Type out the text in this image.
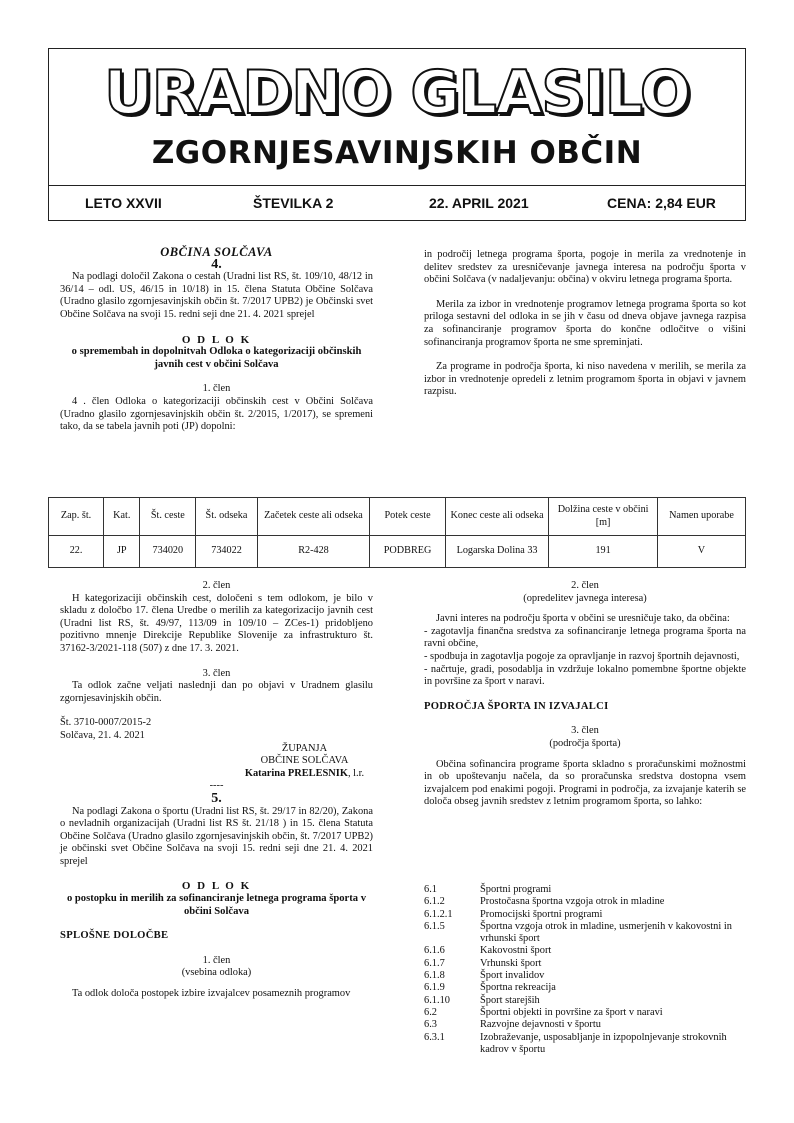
URADNO GLASILO
ZGORNJESAVINJSKIH OBČIN
LETO XXVII	ŠTEVILKA 2	22. APRIL 2021	CENA: 2,84 EUR

OBČINA SOLČAVA

4.

Na podlagi določil Zakona o cestah (Uradni list RS, št. 109/10, 48/12 in 36/14 – odl. US, 46/15 in 10/18) in 15. člena Statuta Občine Solčava (Uradno glasilo zgornjesavinjskih občin št. 7/2017 UPB2) je Občinski svet Občine Solčava na svoji 15. redni seji dne 21. 4. 2021 sprejel

O D L O K

o spremembah in dopolnitvah Odloka o kategorizaciji občinskih javnih cest v občini Solčava

1. člen

4 . člen Odloka o kategorizaciji občinskih cest v Občini Solčava (Uradno glasilo zgornjesavinjskih občin št. 2/2015, 1/2017), se spremeni tako, da se tabela javnih poti (JP) dopolni:

in področij letnega programa športa, pogoje in merila za vrednotenje in delitev sredstev za uresničevanje javnega interesa na področju športa v občini Solčava (v nadaljevanju: občina) v okviru letnega programa športa.

Merila za izbor in vrednotenje programov letnega programa športa so kot priloga sestavni del odloka in se jih v času od dneva objave javnega razpisa za sofinanciranje programov športa do končne odločitve o višini sofinanciranja programov športa ne sme spreminjati.

Za programe in področja športa, ki niso navedena v merilih, se merila za izbor in vrednotenje opredeli z letnim programom športa in objavi v javnem razpisu.

Zap. št.	Kat.	Št. ceste	Št. odseka	Začetek ceste ali odseka	Potek ceste	Konec ceste ali odseka	Dolžina ceste v občini [m]	Namen uporabe
22.	JP	734020	734022	R2-428	PODBREG	Logarska Dolina 33	191	V

2. člen

H kategorizaciji občinskih cest, določeni s tem odlokom, je bilo v skladu z določbo 17. člena Uredbe o merilih za kategorizacijo javnih cest (Uradni list RS, št. 49/97, 113/09 in 109/10 – ZCes-1) pridobljeno pozitivno mnenje Direkcije Republike Slovenije za infrastrukturo št. 37162-3/2021-118 (507) z dne 17. 3. 2021.

3. člen

Ta odlok začne veljati naslednji dan po objavi v Uradnem glasilu zgornjesavinjskih občin.

Št. 3710-0007/2015-2

Solčava, 21. 4. 2021

ŽUPANJA

OBČINE SOLČAVA

Katarina PRELESNIK, l.r.

----

5.

Na podlagi Zakona o športu (Uradni list RS, št. 29/17 in 82/20), Zakona o nevladnih organizacijah (Uradni list RS št. 21/18 ) in 15. člena Statuta Občine Solčava (Uradno glasilo zgornjesavinjskih občin, št. 7/2017 UPB2) je občinski svet Občine Solčava na svoji 15. redni seji dne 21. 4. 2021 sprejel

O D L O K

o postopku in merilih za sofinanciranje letnega programa športa v občini Solčava

SPLOŠNE DOLOČBE

1. člen

(vsebina odloka)

Ta odlok določa postopek izbire izvajalcev posameznih programov

2. člen

(opredelitev javnega interesa)

Javni interes na področju športa v občini se uresničuje tako, da občina:

- zagotavlja finančna sredstva za sofinanciranje letnega programa športa na ravni občine,

- spodbuja in zagotavlja pogoje za opravljanje in razvoj športnih dejavnosti,

- načrtuje, gradi, posodablja in vzdržuje lokalno pomembne športne objekte in površine za šport v naravi.

PODROČJA ŠPORTA IN IZVAJALCI

3. člen

(področja športa)

Občina sofinancira programe športa skladno s proračunskimi možnostmi in ob upoštevanju načela, da so proračunska sredstva dostopna vsem izvajalcem pod enakimi pogoji. Programi in področja, za izvajanje katerih se določa obseg javnih sredstev z letnim programom športa, so lahko:

6.1	Športni programi
6.1.2	Prostočasna športna vzgoja otrok in mladine
6.1.2.1	Promocijski športni programi
6.1.5	Športna vzgoja otrok in mladine, usmerjenih v kakovostni in vrhunski šport
6.1.6	Kakovostni šport
6.1.7	Vrhunski šport
6.1.8	Šport invalidov
6.1.9	Športna rekreacija
6.1.10	Šport starejših
6.2	Športni objekti in površine za šport v naravi
6.3	Razvojne dejavnosti v športu
6.3.1	Izobraževanje, usposabljanje in izpopolnjevanje strokovnih kadrov v športu
